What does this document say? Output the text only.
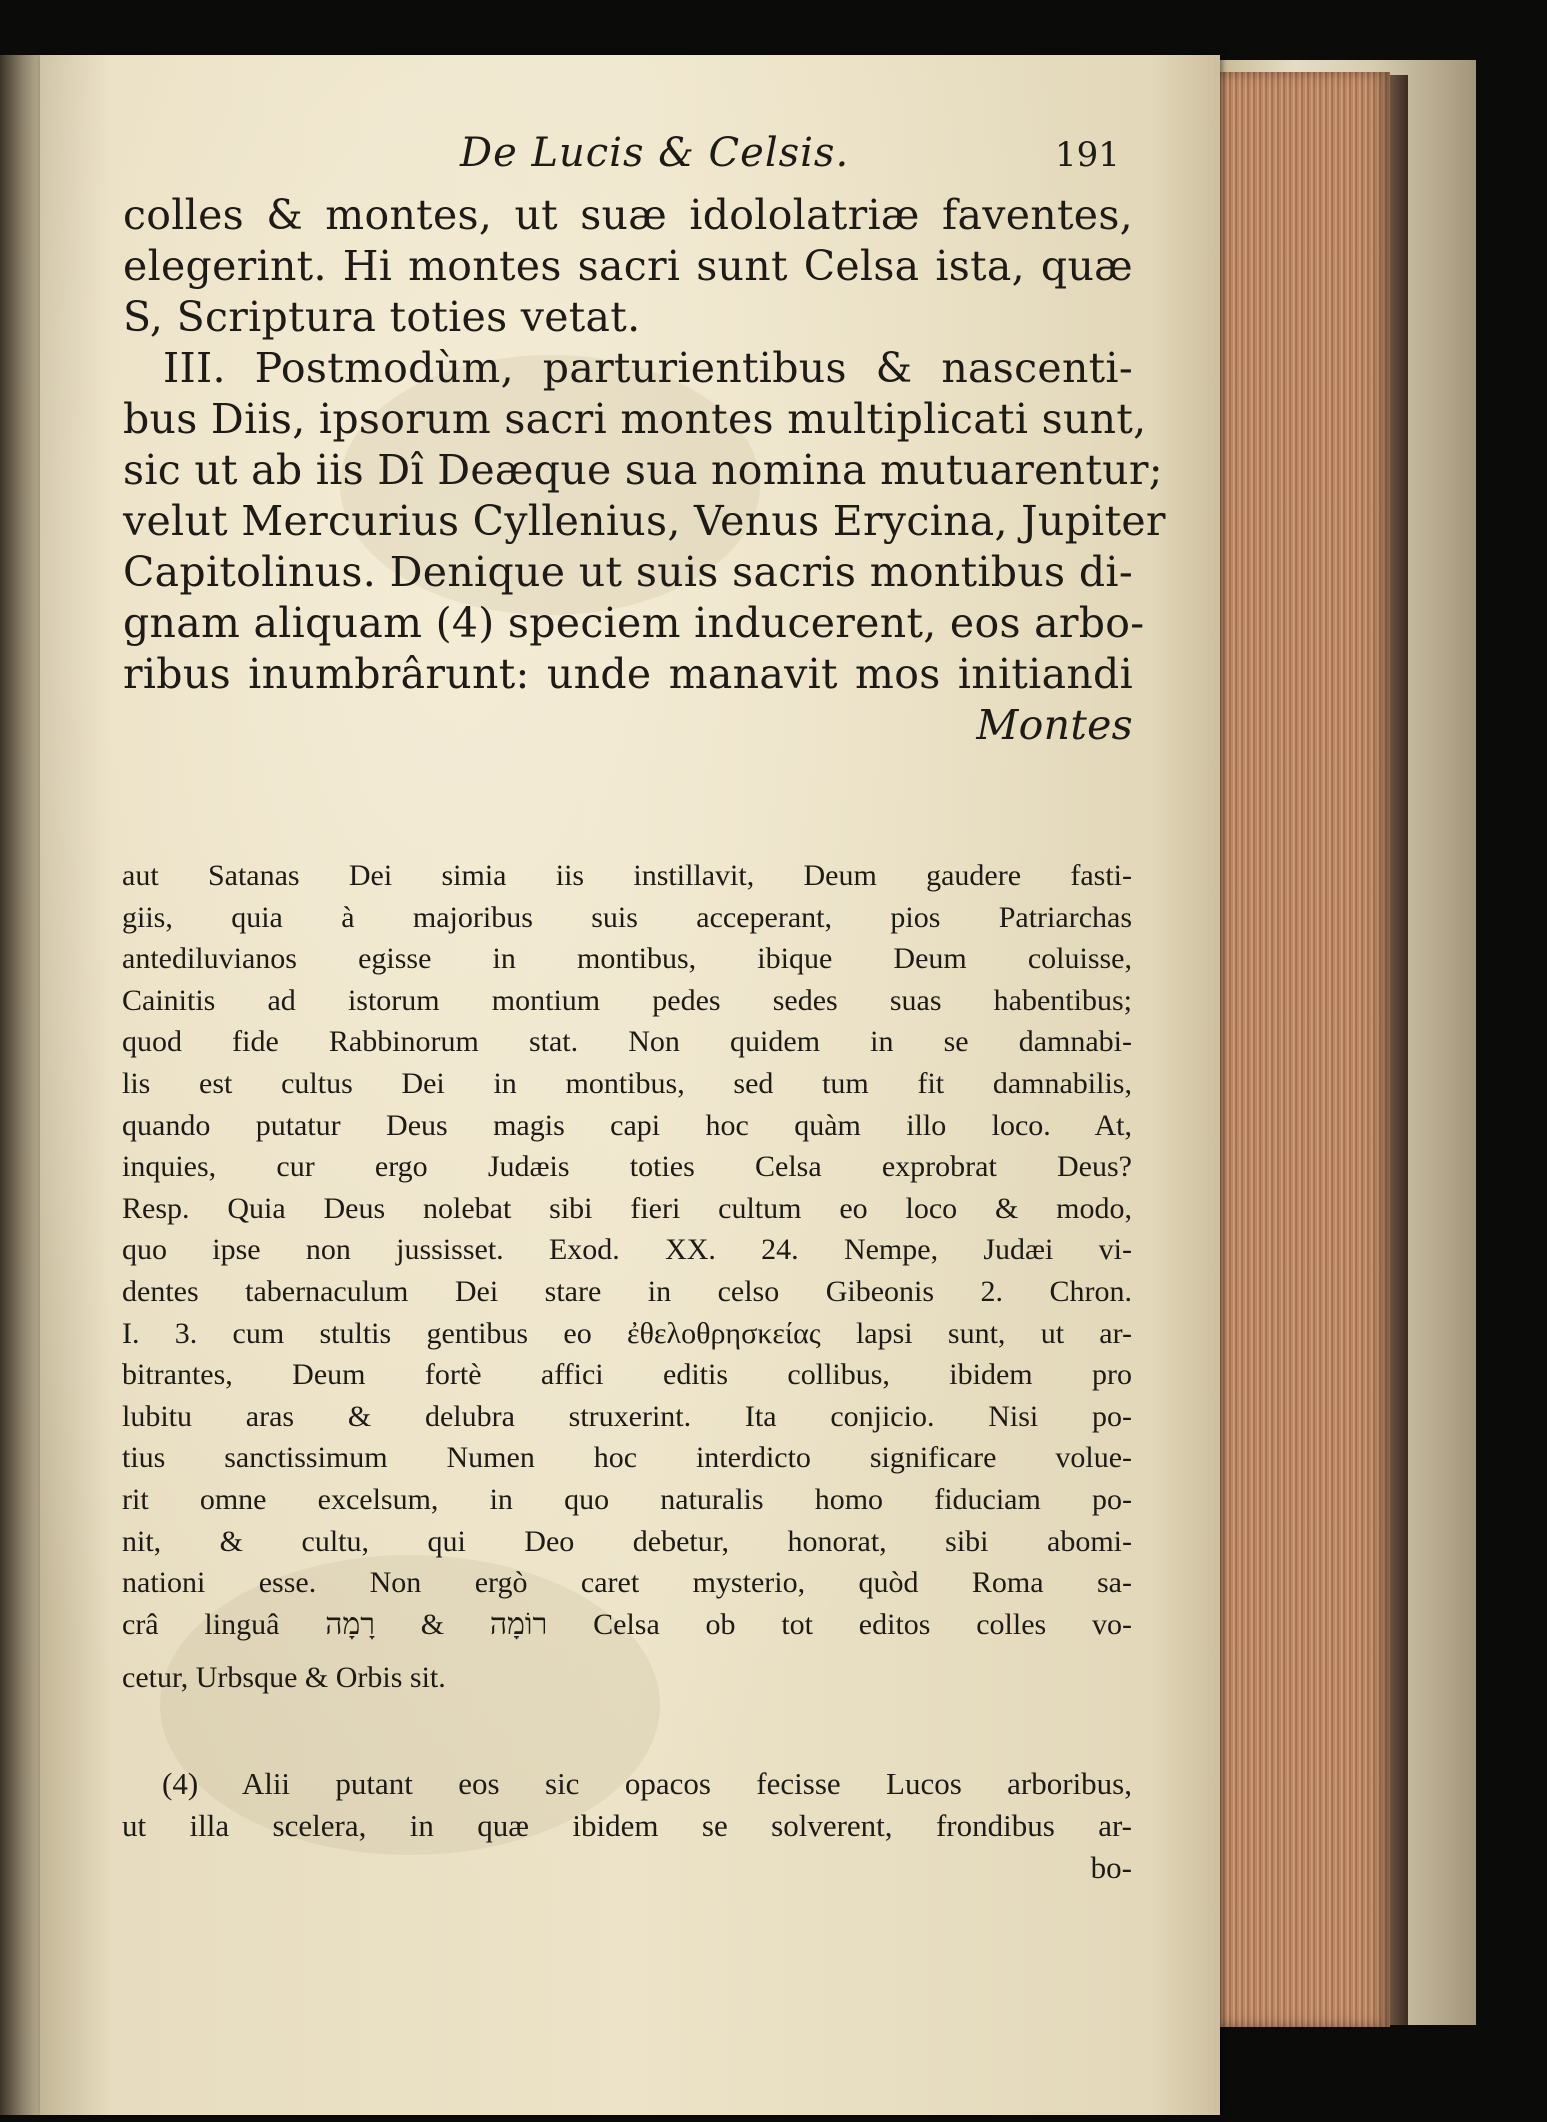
De Lucis & Celsis.	191
colles & montes, ut suæ idololatriæ faventes,
elegerint. Hi montes sacri sunt Celsa ista, quæ
S, Scriptura toties vetat.
III. Postmodùm, parturientibus & nascenti-
bus Diis, ipsorum sacri montes multiplicati sunt,
sic ut ab iis Dî Deæque sua nomina mutuarentur;
velut Mercurius Cyllenius, Venus Erycina, Jupiter
Capitolinus. Denique ut suis sacris montibus di-
gnam aliquam (4) speciem inducerent, eos arbo-
ribus inumbrârunt: unde manavit mos initiandi
Montes
aut Satanas Dei simia iis instillavit, Deum gaudere fasti-
giis, quia à majoribus suis acceperant, pios Patriarchas
antediluvianos egisse in montibus, ibique Deum coluisse,
Cainitis ad istorum montium pedes sedes suas habentibus;
quod fide Rabbinorum stat. Non quidem in se damnabi-
lis est cultus Dei in montibus, sed tum fit damnabilis,
quando putatur Deus magis capi hoc quàm illo loco. At,
inquies, cur ergo Judæis toties Celsa exprobrat Deus?
Resp. Quia Deus nolebat sibi fieri cultum eo loco & modo,
quo ipse non jussisset. Exod. XX. 24. Nempe, Judæi vi-
dentes tabernaculum Dei stare in celso Gibeonis 2. Chron.
I. 3. cum stultis gentibus eo ἐθελοθρησκείας lapsi sunt, ut ar-
bitrantes, Deum fortè affici editis collibus, ibidem pro
lubitu aras & delubra struxerint. Ita conjicio. Nisi po-
tius sanctissimum Numen hoc interdicto significare volue-
rit omne excelsum, in quo naturalis homo fiduciam po-
nit, & cultu, qui Deo debetur, honorat, sibi abomi-
nationi esse. Non ergò caret mysterio, quòd Roma sa-
crâ linguâ רוֹמָה & רָמָה Celsa ob tot editos colles vo-
cetur, Urbsque & Orbis sit.
(4) Alii putant eos sic opacos fecisse Lucos arboribus,
ut illa scelera, in quæ ibidem se solverent, frondibus ar-
bo-
